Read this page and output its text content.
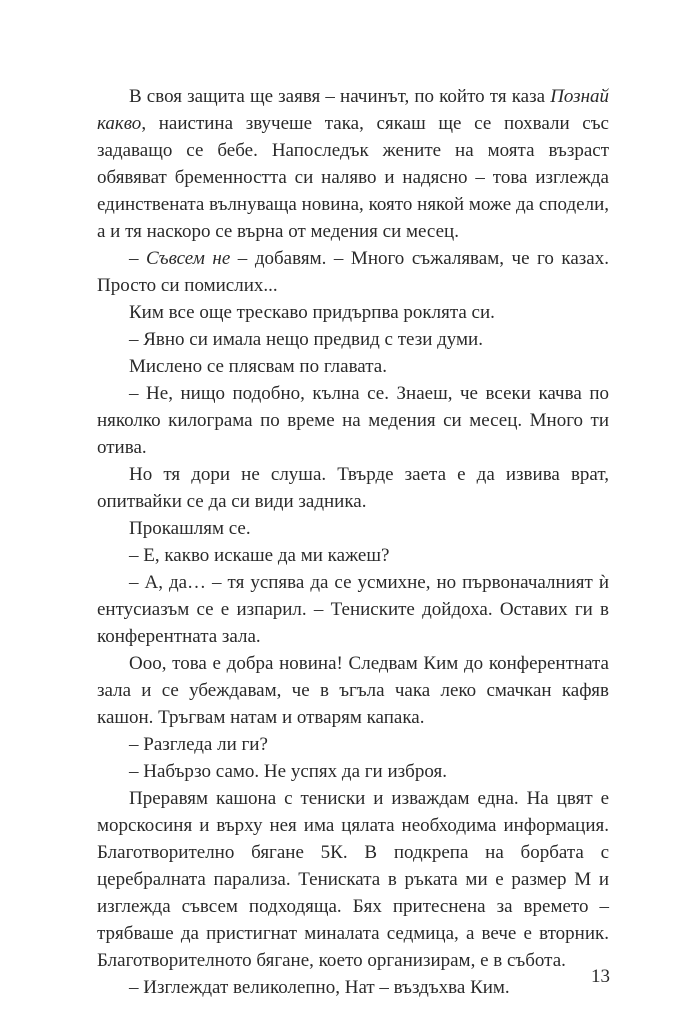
В своя защита ще заявя – начинът, по който тя каза Познай какво, наистина звучеше така, сякаш ще се похвали със задаващо се бебе. Напоследък жените на моята възраст обявяват бременността си наляво и надясно – това изглежда единствената вълнуваща новина, която някой може да сподели, а и тя наскоро се върна от медения си месец.

– Съвсем не – добавям. – Много съжалявам, че го казах. Просто си помислих...

Ким все още трескаво придърпва роклята си.

– Явно си имала нещо предвид с тези думи.

Мислено се плясвам по главата.

– Не, нищо подобно, кълна се. Знаеш, че всеки качва по няколко килограма по време на медения си месец. Много ти отива.

Но тя дори не слуша. Твърде заета е да извива врат, опитвайки се да си види задника.

Прокашлям се.

– Е, какво искаше да ми кажеш?

– А, да… – тя успява да се усмихне, но първоначалният ѝ ентусиазъм се е изпарил. – Тениските дойдоха. Оставих ги в конферентната зала.

Ооо, това е добра новина! Следвам Ким до конферентната зала и се убеждавам, че в ъгъла чака леко смачкан кафяв кашон. Тръгвам натам и отварям капака.

– Разгледа ли ги?

– Набързо само. Не успях да ги изброя.

Преравям кашона с тениски и изваждам една. На цвят е морскосиня и върху нея има цялата необходима информация. Благотворително бягане 5К. В подкрепа на борбата с церебралната парализа. Тениската в ръката ми е размер М и изглежда съвсем подходяща. Бях притеснена за времето – трябваше да пристигнат миналата седмица, а вече е вторник. Благотворителното бягане, което организирам, е в събота.

– Изглеждат великолепно, Нат – въздъхва Ким.

13
